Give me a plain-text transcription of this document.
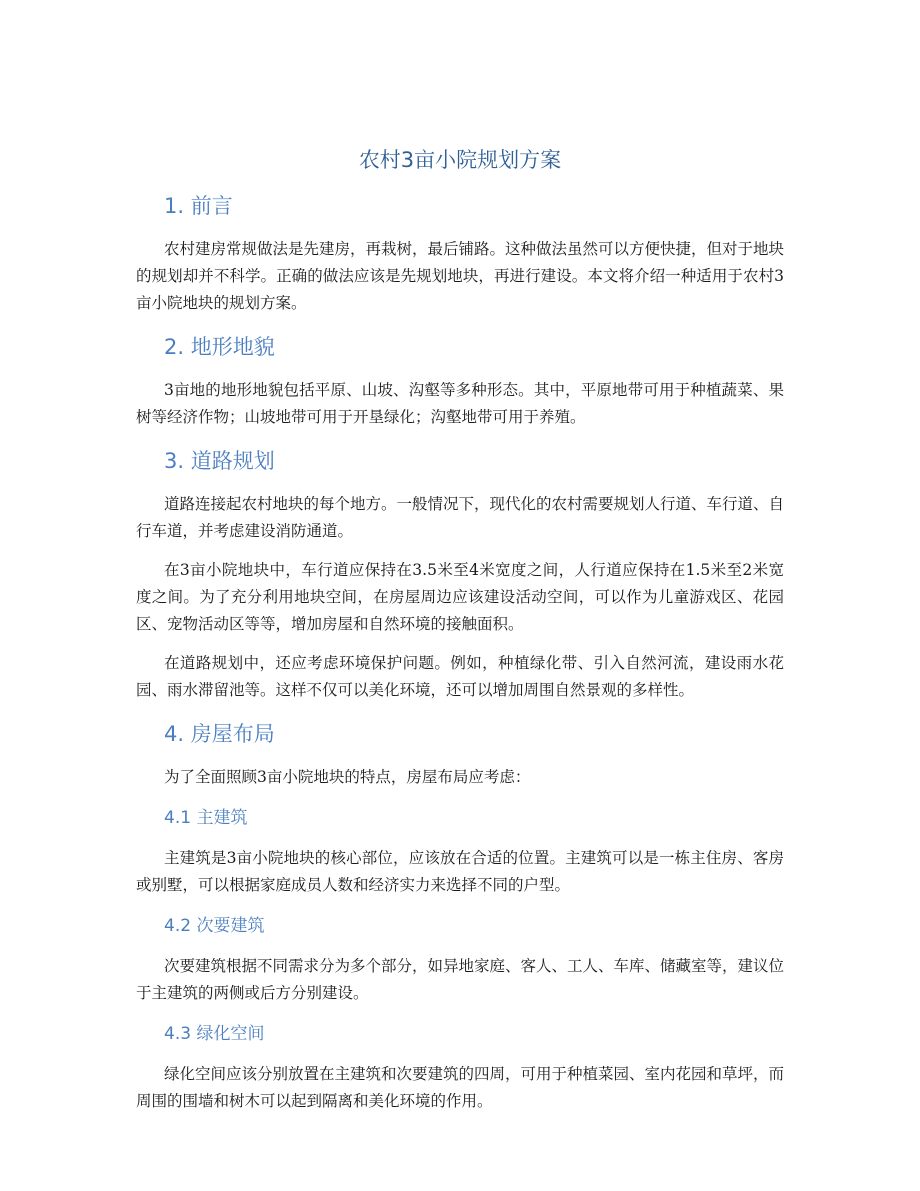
农村3亩小院规划方案
1. 前言

农村建房常规做法是先建房，再栽树，最后铺路。这种做法虽然可以方便快捷，但对于地块的规划却并不科学。正确的做法应该是先规划地块，再进行建设。本文将介绍一种适用于农村3亩小院地块的规划方案。

2. 地形地貌

3亩地的地形地貌包括平原、山坡、沟壑等多种形态。其中，平原地带可用于种植蔬菜、果树等经济作物；山坡地带可用于开垦绿化；沟壑地带可用于养殖。

3. 道路规划

道路连接起农村地块的每个地方。一般情况下，现代化的农村需要规划人行道、车行道、自行车道，并考虑建设消防通道。

在3亩小院地块中，车行道应保持在3.5米至4米宽度之间，人行道应保持在1.5米至2米宽度之间。为了充分利用地块空间，在房屋周边应该建设活动空间，可以作为儿童游戏区、花园区、宠物活动区等等，增加房屋和自然环境的接触面积。

在道路规划中，还应考虑环境保护问题。例如，种植绿化带、引入自然河流，建设雨水花园、雨水滞留池等。这样不仅可以美化环境，还可以增加周围自然景观的多样性。

4. 房屋布局

为了全面照顾3亩小院地块的特点，房屋布局应考虑：

4.1 主建筑

主建筑是3亩小院地块的核心部位，应该放在合适的位置。主建筑可以是一栋主住房、客房或别墅，可以根据家庭成员人数和经济实力来选择不同的户型。

4.2 次要建筑

次要建筑根据不同需求分为多个部分，如异地家庭、客人、工人、车库、储藏室等，建议位于主建筑的两侧或后方分别建设。

4.3 绿化空间

绿化空间应该分别放置在主建筑和次要建筑的四周，可用于种植菜园、室内花园和草坪，而周围的围墙和树木可以起到隔离和美化环境的作用。
